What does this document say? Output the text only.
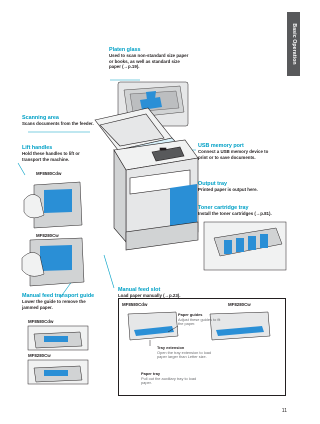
Basic Operation
Platen glass
Used to scan non-standard size paper or books, as well as standard size paper (→p.19).
Scanning area
Scans documents from the feeder.
Lift handles
Hold these handles to lift or transport the machine.
MF8580Cdw
MF8280Cw
USB memory port
Connect a USB memory device to print or to save documents.
Output tray
Printed paper is output here.
Toner cartridge tray
Install the toner cartridges (→p.81).
Manual feed transport guide
Lower the guide to remove the jammed paper.
MF8580Cdw
MF8280Cw
Manual feed slot
Load paper manually (→p.23).
MF8580Cdw	MF8280Cw
Paper guides
Adjust these guides to fit the paper.
Tray extension
Open the tray extension to load paper larger than Letter size.
Paper tray
Pull out the auxiliary tray to load paper.
11
